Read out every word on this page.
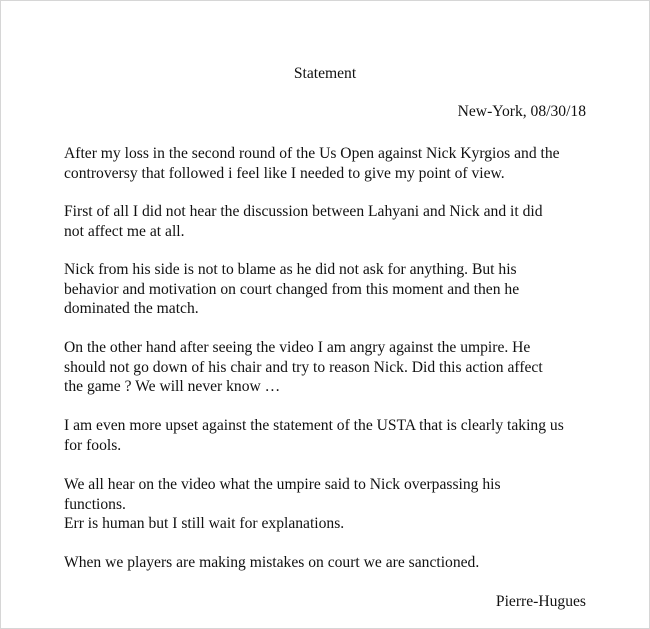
Statement
New-York, 08/30/18

After my loss in the second round of the Us Open against Nick Kyrgios and the
controversy that followed i feel like I needed to give my point of view.

First of all I did not hear the discussion between Lahyani and Nick and it did
not affect me at all.

Nick from his side is not to blame as he did not ask for anything. But his
behavior and motivation on court changed from this moment and then he
dominated the match.

On the other hand after seeing the video I am angry against the umpire. He
should not go down of his chair and try to reason Nick. Did this action affect
the game ? We will never know …

I am even more upset against the statement of the USTA that is clearly taking us
for fools.

We all hear on the video what the umpire said to Nick overpassing his
functions.
Err is human but I still wait for explanations.

When we players are making mistakes on court we are sanctioned.

Pierre-Hugues
